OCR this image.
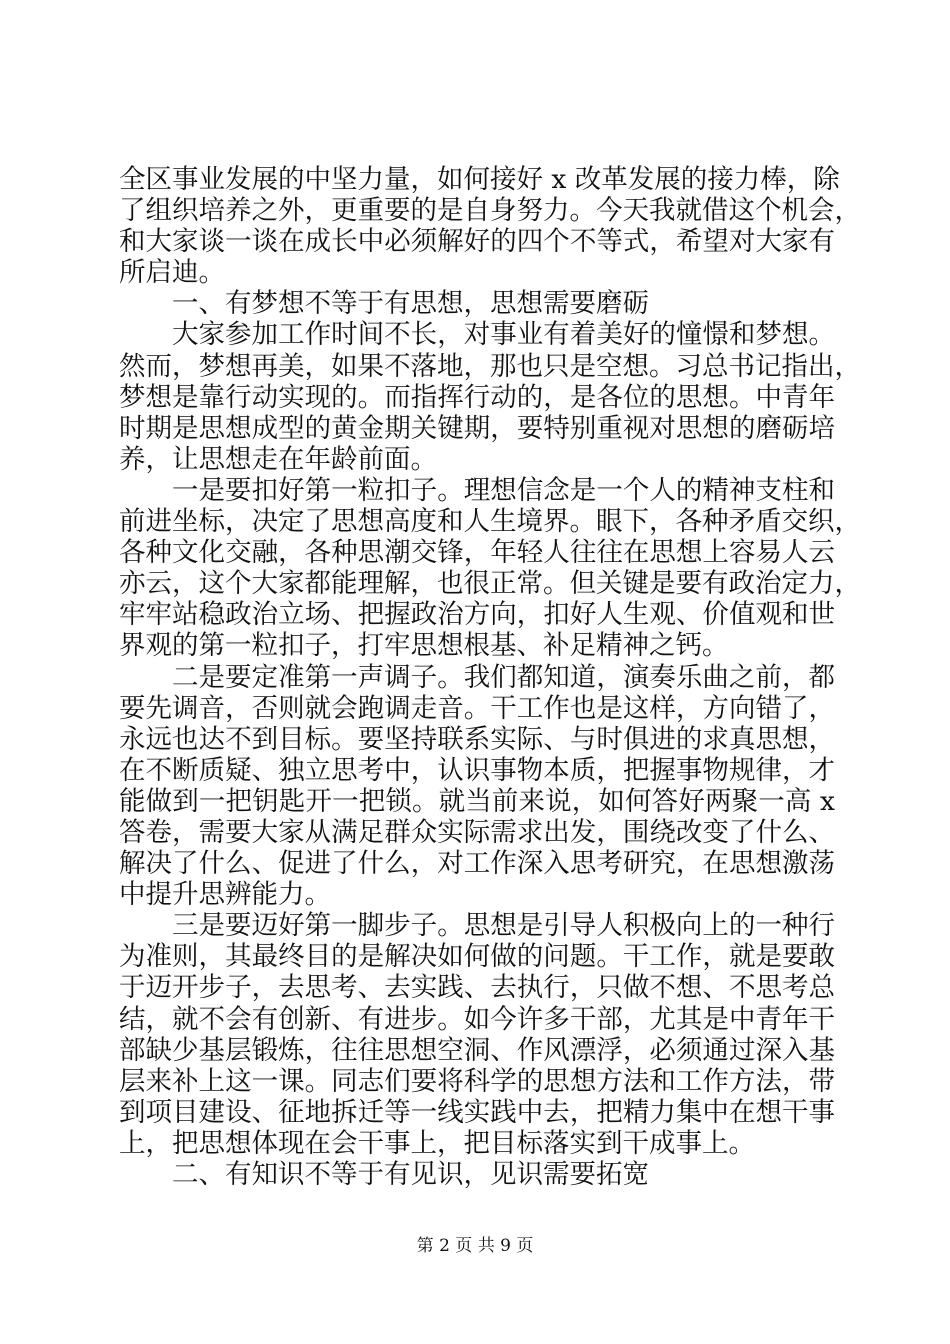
全区事业发展的中坚力量，如何接好 x 改革发展的接力棒，除
了组织培养之外，更重要的是自身努力。今天我就借这个机会，
和大家谈一谈在成长中必须解好的四个不等式，希望对大家有
所启迪。
一、有梦想不等于有思想，思想需要磨砺
大家参加工作时间不长，对事业有着美好的憧憬和梦想。
然而，梦想再美，如果不落地，那也只是空想。习总书记指出，
梦想是靠行动实现的。而指挥行动的，是各位的思想。中青年
时期是思想成型的黄金期关键期，要特别重视对思想的磨砺培
养，让思想走在年龄前面。
一是要扣好第一粒扣子。理想信念是一个人的精神支柱和
前进坐标，决定了思想高度和人生境界。眼下，各种矛盾交织，
各种文化交融，各种思潮交锋，年轻人往往在思想上容易人云
亦云，这个大家都能理解，也很正常。但关键是要有政治定力，
牢牢站稳政治立场、把握政治方向，扣好人生观、价值观和世
界观的第一粒扣子，打牢思想根基、补足精神之钙。
二是要定准第一声调子。我们都知道，演奏乐曲之前，都
要先调音，否则就会跑调走音。干工作也是这样，方向错了，
永远也达不到目标。要坚持联系实际、与时俱进的求真思想，
在不断质疑、独立思考中，认识事物本质，把握事物规律，才
能做到一把钥匙开一把锁。就当前来说，如何答好两聚一高 x
答卷，需要大家从满足群众实际需求出发，围绕改变了什么、
解决了什么、促进了什么，对工作深入思考研究，在思想激荡
中提升思辨能力。
三是要迈好第一脚步子。思想是引导人积极向上的一种行
为准则，其最终目的是解决如何做的问题。干工作，就是要敢
于迈开步子，去思考、去实践、去执行，只做不想、不思考总
结，就不会有创新、有进步。如今许多干部，尤其是中青年干
部缺少基层锻炼，往往思想空洞、作风漂浮，必须通过深入基
层来补上这一课。同志们要将科学的思想方法和工作方法，带
到项目建设、征地拆迁等一线实践中去，把精力集中在想干事
上，把思想体现在会干事上，把目标落实到干成事上。
二、有知识不等于有见识，见识需要拓宽
第 2 页 共 9 页
